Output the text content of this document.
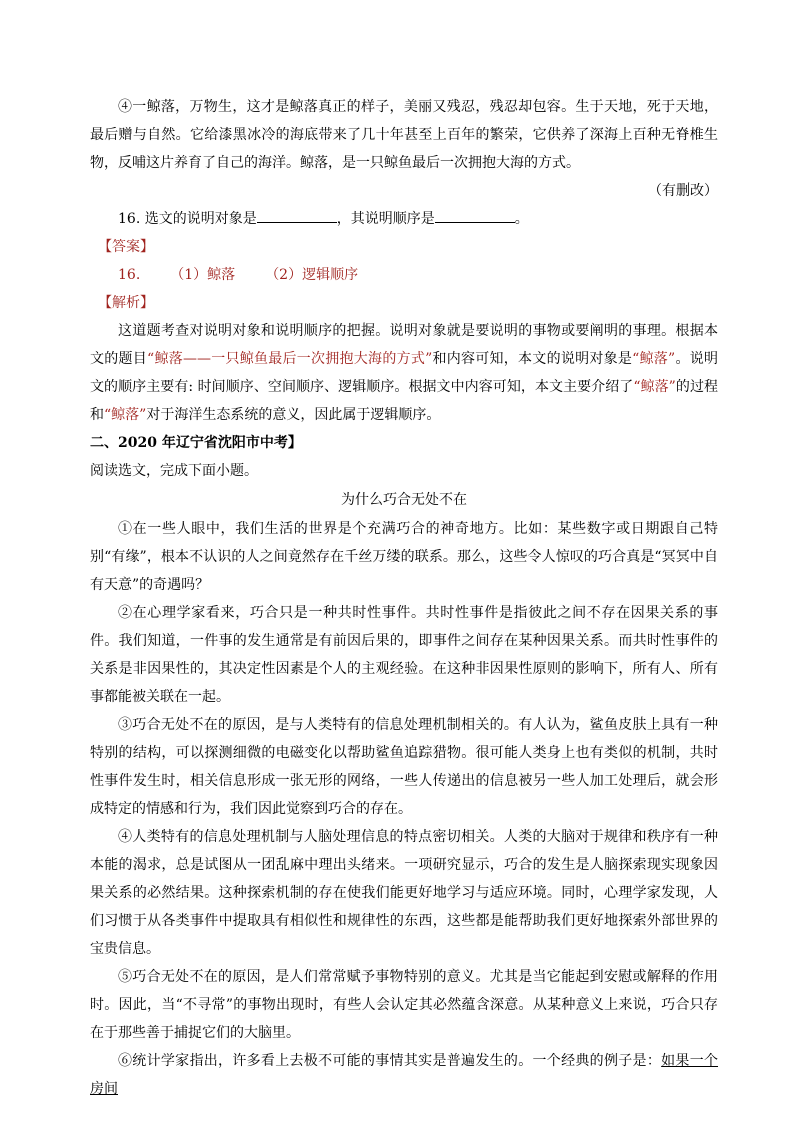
④一鲸落，万物生，这才是鲸落真正的样子，美丽又残忍，残忍却包容。生于天地，死于天地，最后赠与自然。它给漆黑冰冷的海底带来了几十年甚至上百年的繁荣，它供养了深海上百种无脊椎生物，反哺这片养育了自己的海洋。鲸落，是一只鲸鱼最后一次拥抱大海的方式。

（有删改）

16. 选文的说明对象是	，其说明顺序是	。

【答案】

16. （1）鲸落 （2）逻辑顺序

【解析】

这道题考查对说明对象和说明顺序的把握。说明对象就是要说明的事物或要阐明的事理。根据本文的题目“鲸落——一只鲸鱼最后一次拥抱大海的方式”和内容可知，本文的说明对象是“鲸落”。说明文的顺序主要有: 时间顺序、空间顺序、逻辑顺序。根据文中内容可知，本文主要介绍了“鲸落”的过程和“鲸落”对于海洋生态系统的意义，因此属于逻辑顺序。

二、2020 年辽宁省沈阳市中考】

阅读选文，完成下面小题。

为什么巧合无处不在

①在一些人眼中，我们生活的世界是个充满巧合的神奇地方。比如：某些数字或日期跟自己特别“有缘”，根本不认识的人之间竟然存在千丝万缕的联系。那么，这些令人惊叹的巧合真是“冥冥中自有天意”的奇遇吗？

②在心理学家看来，巧合只是一种共时性事件。共时性事件是指彼此之间不存在因果关系的事件。我们知道，一件事的发生通常是有前因后果的，即事件之间存在某种因果关系。而共时性事件的关系是非因果性的，其决定性因素是个人的主观经验。在这种非因果性原则的影响下，所有人、所有事都能被关联在一起。

③巧合无处不在的原因，是与人类特有的信息处理机制相关的。有人认为，鲨鱼皮肤上具有一种特别的结构，可以探测细微的电磁变化以帮助鲨鱼追踪猎物。很可能人类身上也有类似的机制，共时性事件发生时，相关信息形成一张无形的网络，一些人传递出的信息被另一些人加工处理后，就会形成特定的情感和行为，我们因此觉察到巧合的存在。

④人类特有的信息处理机制与人脑处理信息的特点密切相关。人类的大脑对于规律和秩序有一种本能的渴求，总是试图从一团乱麻中理出头绪来。一项研究显示，巧合的发生是人脑探索现实现象因果关系的必然结果。这种探索机制的存在使我们能更好地学习与适应环境。同时，心理学家发现，人们习惯于从各类事件中提取具有相似性和规律性的东西，这些都是能帮助我们更好地探索外部世界的宝贵信息。

⑤巧合无处不在的原因，是人们常常赋予事物特别的意义。尤其是当它能起到安慰或解释的作用时。因此，当“不寻常”的事物出现时，有些人会认定其必然蕴含深意。从某种意义上来说，巧合只存在于那些善于捕捉它们的大脑里。

⑥统计学家指出，许多看上去极不可能的事情其实是普遍发生的。一个经典的例子是：如果一个房间
